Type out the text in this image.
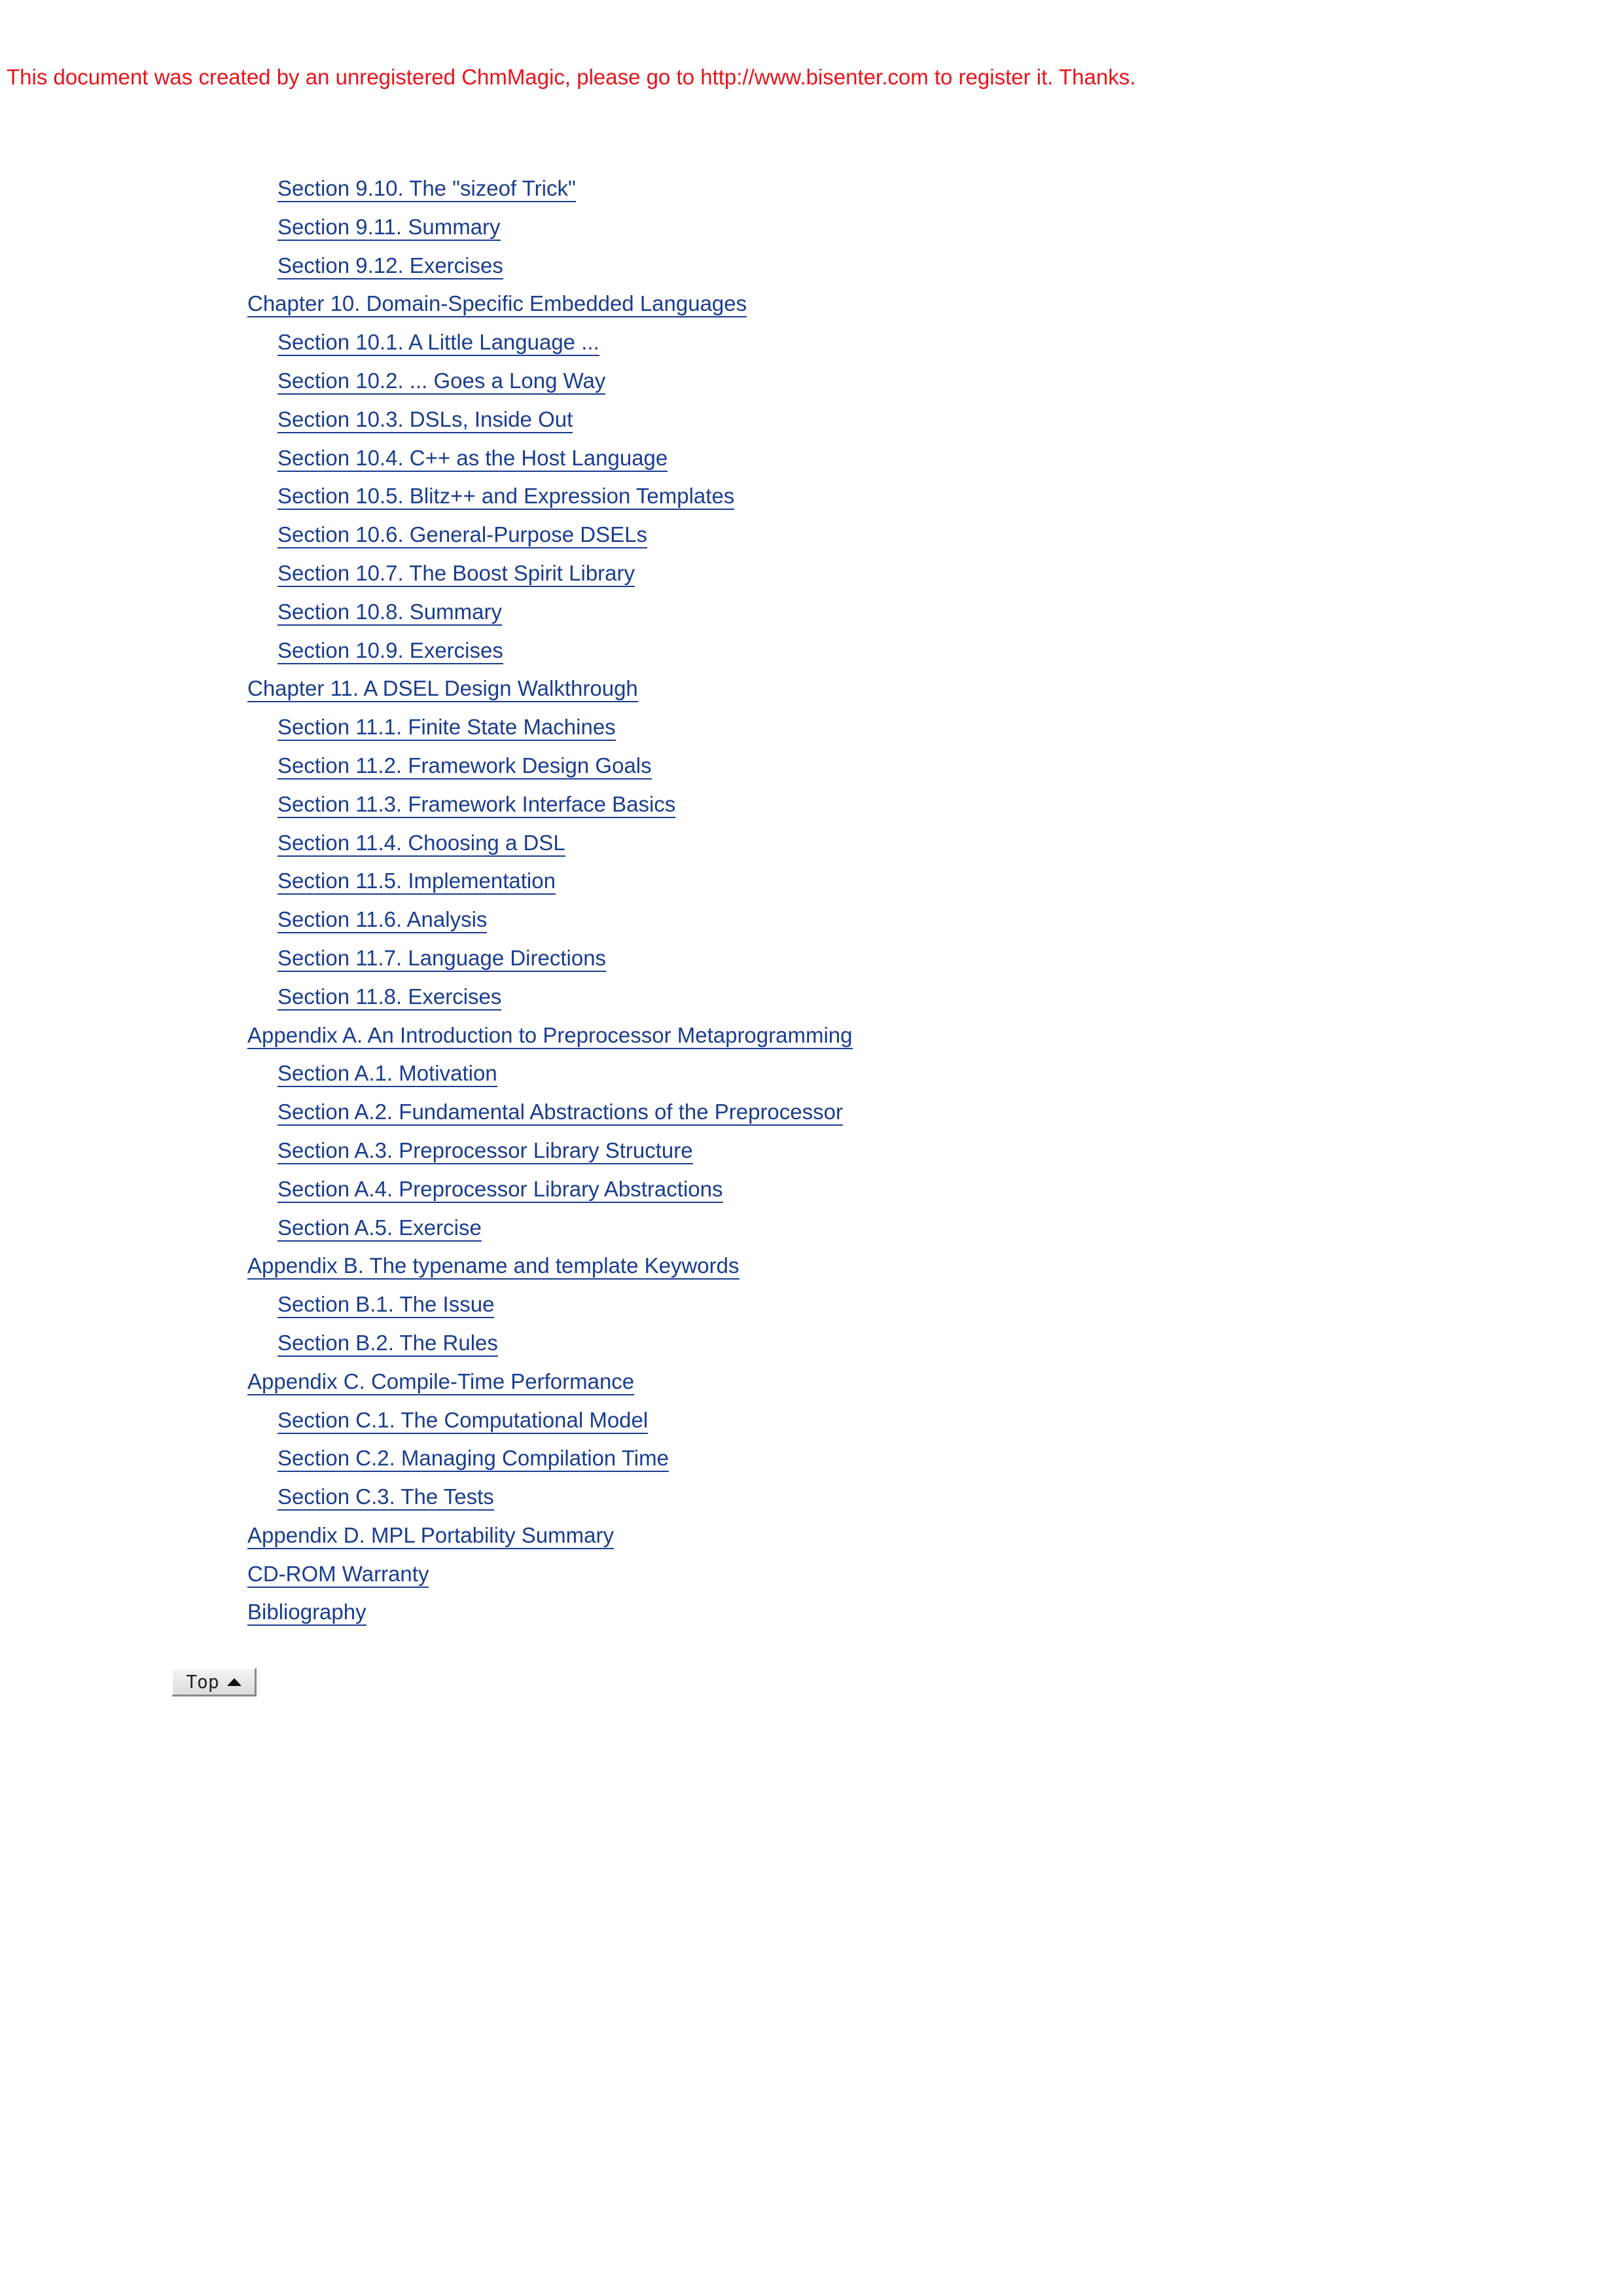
This document was created by an unregistered ChmMagic, please go to http://www.bisenter.com to register it. Thanks.
Section 9.10. The "sizeof Trick"
Section 9.11. Summary
Section 9.12. Exercises
Chapter 10. Domain-Specific Embedded Languages
Section 10.1. A Little Language ...
Section 10.2. ... Goes a Long Way
Section 10.3. DSLs, Inside Out
Section 10.4. C++ as the Host Language
Section 10.5. Blitz++ and Expression Templates
Section 10.6. General-Purpose DSELs
Section 10.7. The Boost Spirit Library
Section 10.8. Summary
Section 10.9. Exercises
Chapter 11. A DSEL Design Walkthrough
Section 11.1. Finite State Machines
Section 11.2. Framework Design Goals
Section 11.3. Framework Interface Basics
Section 11.4. Choosing a DSL
Section 11.5. Implementation
Section 11.6. Analysis
Section 11.7. Language Directions
Section 11.8. Exercises
Appendix A. An Introduction to Preprocessor Metaprogramming
Section A.1. Motivation
Section A.2. Fundamental Abstractions of the Preprocessor
Section A.3. Preprocessor Library Structure
Section A.4. Preprocessor Library Abstractions
Section A.5. Exercise
Appendix B. The typename and template Keywords
Section B.1. The Issue
Section B.2. The Rules
Appendix C. Compile-Time Performance
Section C.1. The Computational Model
Section C.2. Managing Compilation Time
Section C.3. The Tests
Appendix D. MPL Portability Summary
CD-ROM Warranty
Bibliography
Top
